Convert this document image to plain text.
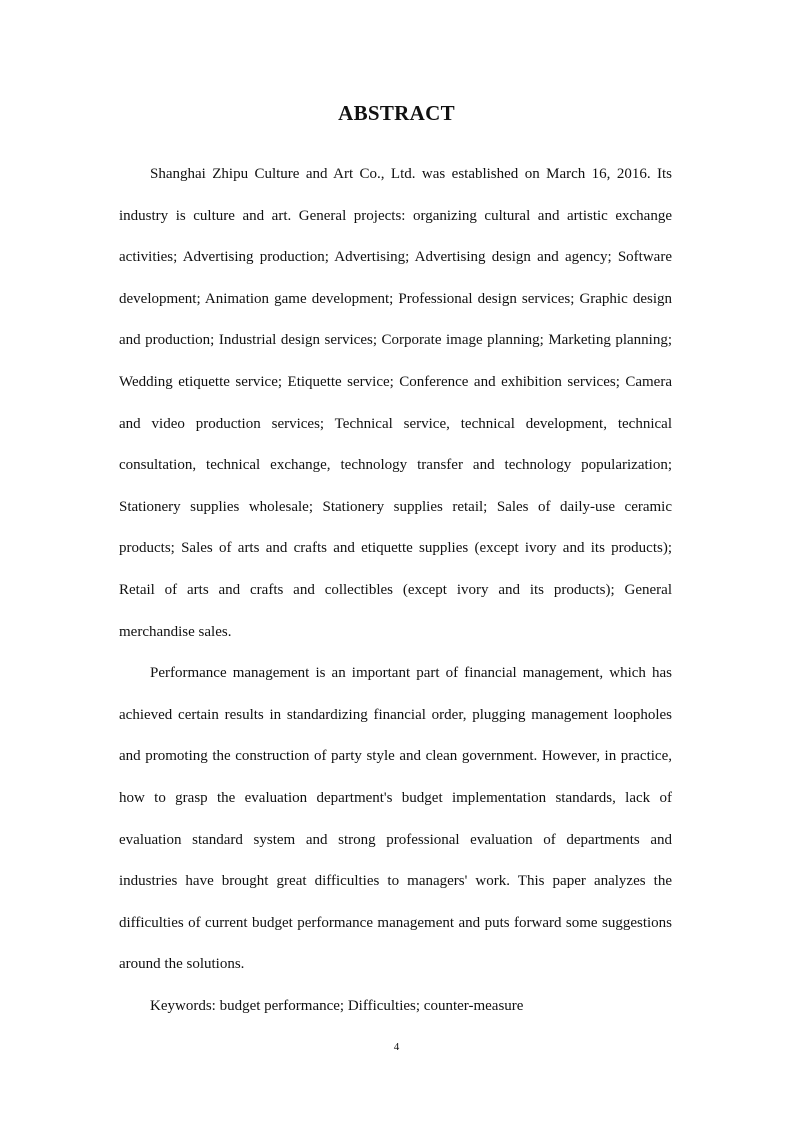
ABSTRACT

Shanghai Zhipu Culture and Art Co., Ltd. was established on March 16, 2016. Its industry is culture and art. General projects: organizing cultural and artistic exchange activities; Advertising production; Advertising; Advertising design and agency; Software development; Animation game development; Professional design services; Graphic design and production; Industrial design services; Corporate image planning; Marketing planning; Wedding etiquette service; Etiquette service; Conference and exhibition services; Camera and video production services; Technical service, technical development, technical consultation, technical exchange, technology transfer and technology popularization; Stationery supplies wholesale; Stationery supplies retail; Sales of daily-use ceramic products; Sales of arts and crafts and etiquette supplies (except ivory and its products); Retail of arts and crafts and collectibles (except ivory and its products); General merchandise sales.

Performance management is an important part of financial management, which has achieved certain results in standardizing financial order, plugging management loopholes and promoting the construction of party style and clean government. However, in practice, how to grasp the evaluation department's budget implementation standards, lack of evaluation standard system and strong professional evaluation of departments and industries have brought great difficulties to managers' work. This paper analyzes the difficulties of current budget performance management and puts forward some suggestions around the solutions.

Keywords: budget performance; Difficulties; counter-measure

4
